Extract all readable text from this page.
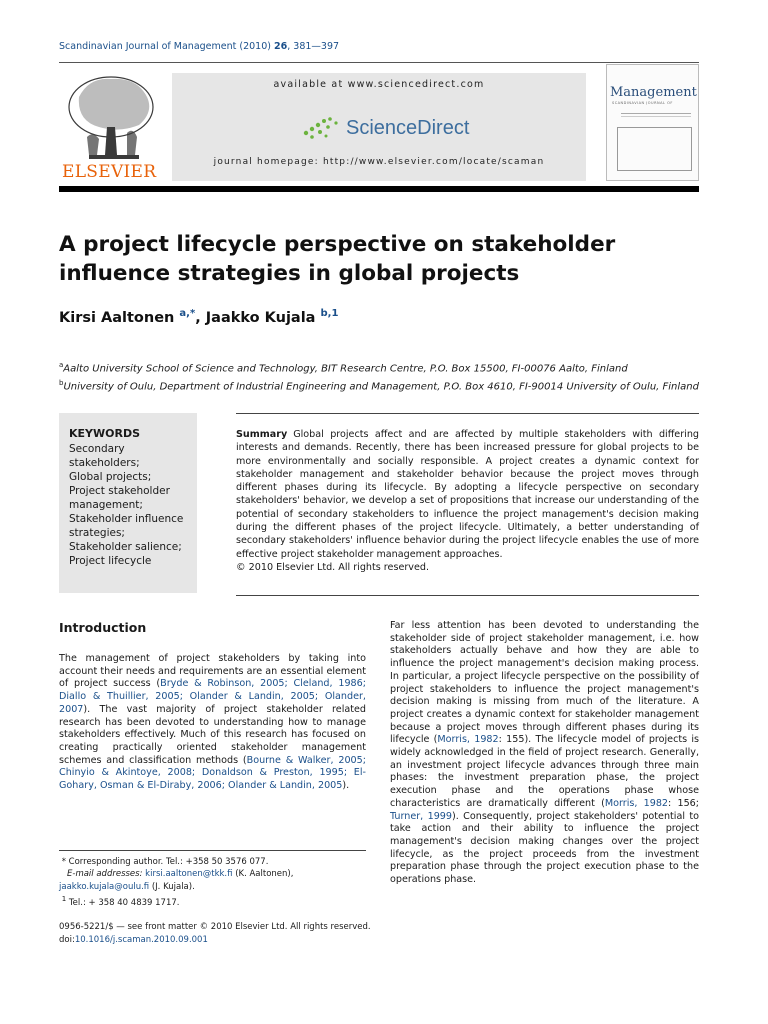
Scandinavian Journal of Management (2010) 26, 381—397
ELSEVIER
available at www.sciencedirect.com
ScienceDirect
journal homepage: http://www.elsevier.com/locate/scaman
SCANDINAVIAN JOURNAL OF
Management
A project lifecycle perspective on stakeholder influence strategies in global projects
Kirsi Aaltonen $^{a,*}$, Jaakko Kujala $^{b,1}$
$^a$Aalto University School of Science and Technology, BIT Research Centre, P.O. Box 15500, FI-00076 Aalto, Finland
$^b$University of Oulu, Department of Industrial Engineering and Management, P.O. Box 4610, FI-90014 University of Oulu, Finland
KEYWORDS
Secondary stakeholders;
Global projects;
Project stakeholder
management;
Stakeholder influence
strategies;
Stakeholder salience;
Project lifecycle
Summary Global projects affect and are affected by multiple stakeholders with differing interests and demands. Recently, there has been increased pressure for global projects to be more environmentally and socially responsible. A project creates a dynamic context for stakeholder management and stakeholder behavior because the project moves through different phases during its lifecycle. By adopting a lifecycle perspective on secondary stakeholders' behavior, we develop a set of propositions that increase our understanding of the potential of secondary stakeholders to influence the project management's decision making during the different phases of the project lifecycle. Ultimately, a better understanding of secondary stakeholders' influence behavior during the project lifecycle enables the use of more effective project stakeholder management approaches.
© 2010 Elsevier Ltd. All rights reserved.
Introduction

The management of project stakeholders by taking into account their needs and requirements are an essential element of project success (Bryde & Robinson, 2005; Cleland, 1986; Diallo & Thuillier, 2005; Olander & Landin, 2005; Olander, 2007). The vast majority of project stakeholder related research has been devoted to understanding how to manage stakeholders effectively. Much of this research has focused on creating practically oriented stakeholder management schemes and classification methods (Bourne & Walker, 2005; Chinyio & Akintoye, 2008; Donaldson & Preston, 1995; El-Gohary, Osman & El-Diraby, 2006; Olander & Landin, 2005).

Far less attention has been devoted to understanding the stakeholder side of project stakeholder management, i.e. how stakeholders actually behave and how they are able to influence the project management's decision making process. In particular, a project lifecycle perspective on the possibility of project stakeholders to influence the project management's decision making is missing from much of the literature. A project creates a dynamic context for stakeholder management because a project moves through different phases during its lifecycle (Morris, 1982: 155). The lifecycle model of projects is widely acknowledged in the field of project research. Generally, an investment project lifecycle advances through three main phases: the investment preparation phase, the project execution phase and the operations phase whose characteristics are dramatically different (Morris, 1982: 156; Turner, 1999). Consequently, project stakeholders' potential to take action and their ability to influence the project management's decision making changes over the project lifecycle, as the project proceeds from the investment preparation phase through the project execution phase to the operations phase.

* Corresponding author. Tel.: +358 50 3576 077.
E-mail addresses: kirsi.aaltonen@tkk.fi (K. Aaltonen),
jaakko.kujala@oulu.fi (J. Kujala).
$^1$ Tel.: + 358 40 4839 1717.
0956-5221/$ — see front matter © 2010 Elsevier Ltd. All rights reserved.
doi:10.1016/j.scaman.2010.09.001
